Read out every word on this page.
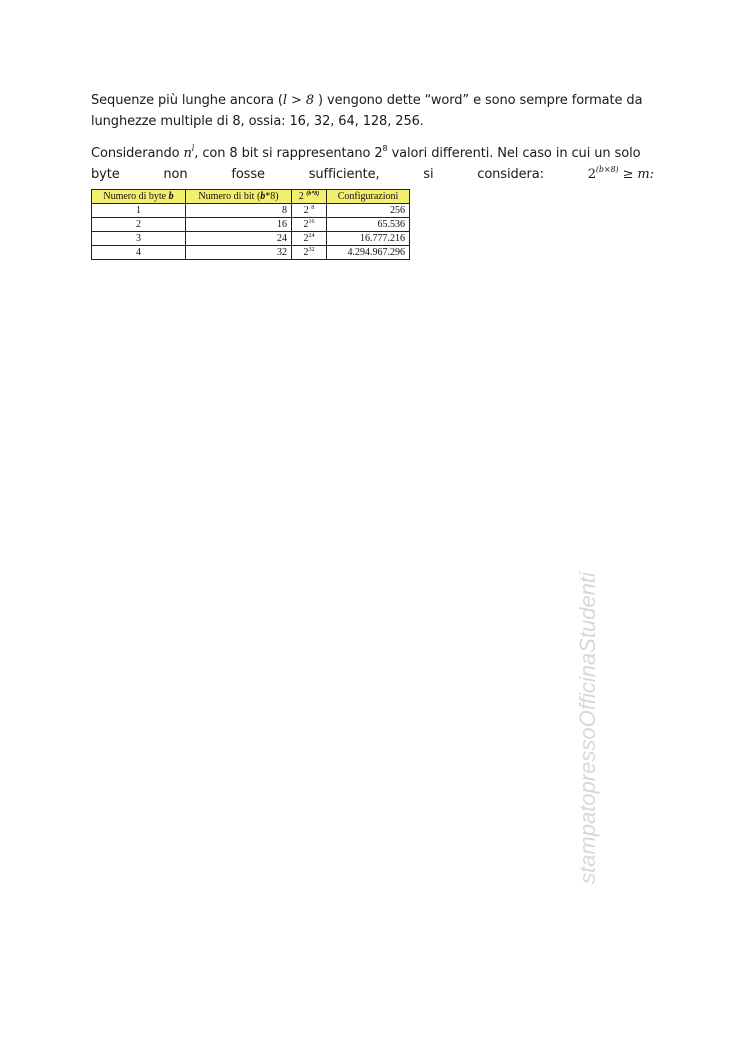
Sequenze più lunghe ancora (l > 8 ) vengono dette “word” e sono sempre formate da
lunghezze multiple di 8, ossia: 16, 32, 64, 128, 256.
Considerando $n^l$, con 8 bit si rappresentano $2^8$ valori differenti. Nel caso in cui un solo
byte	non	fosse	sufficiente,	si	considera:	$2^{(b\times 8)} \ge m$:
Numero di byte b	Numero di bit (b*8)	2 $^{(b*8)}$	Configurazioni
1	8	2 $^8$	256
2	16	$2^{16}$	65.536
3	24	$2^{24}$	16.777.216
4	32	$2^{32}$	4.294.967.296
stampatopressoOfficinaStudenti
